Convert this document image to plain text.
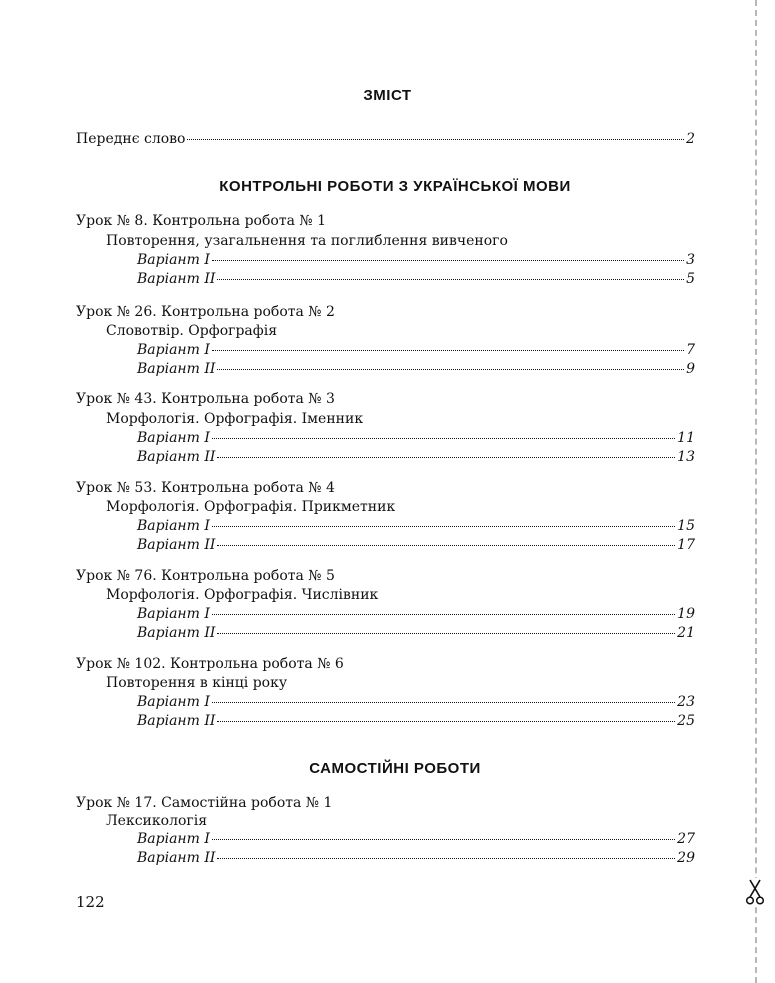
ЗМІСТ
Переднє слово	2
КОНТРОЛЬНІ РОБОТИ З УКРАЇНСЬКОЇ МОВИ
Урок № 8. Контрольна робота № 1
Повторення, узагальнення та поглиблення вивченого
Варіант І	3
Варіант ІІ	5
Урок № 26. Контрольна робота № 2
Словотвір. Орфографія
Варіант І	7
Варіант ІІ	9
Урок № 43. Контрольна робота № 3
Морфологія. Орфографія. Іменник
Варіант І	11
Варіант ІІ	13
Урок № 53. Контрольна робота № 4
Морфологія. Орфографія. Прикметник
Варіант І	15
Варіант ІІ	17
Урок № 76. Контрольна робота № 5
Морфологія. Орфографія. Числівник
Варіант І	19
Варіант ІІ	21
Урок № 102. Контрольна робота № 6
Повторення в кінці року
Варіант І	23
Варіант ІІ	25
САМОСТІЙНІ РОБОТИ
Урок № 17. Самостійна робота № 1
Лексикологія
Варіант І	27
Варіант ІІ	29
122
